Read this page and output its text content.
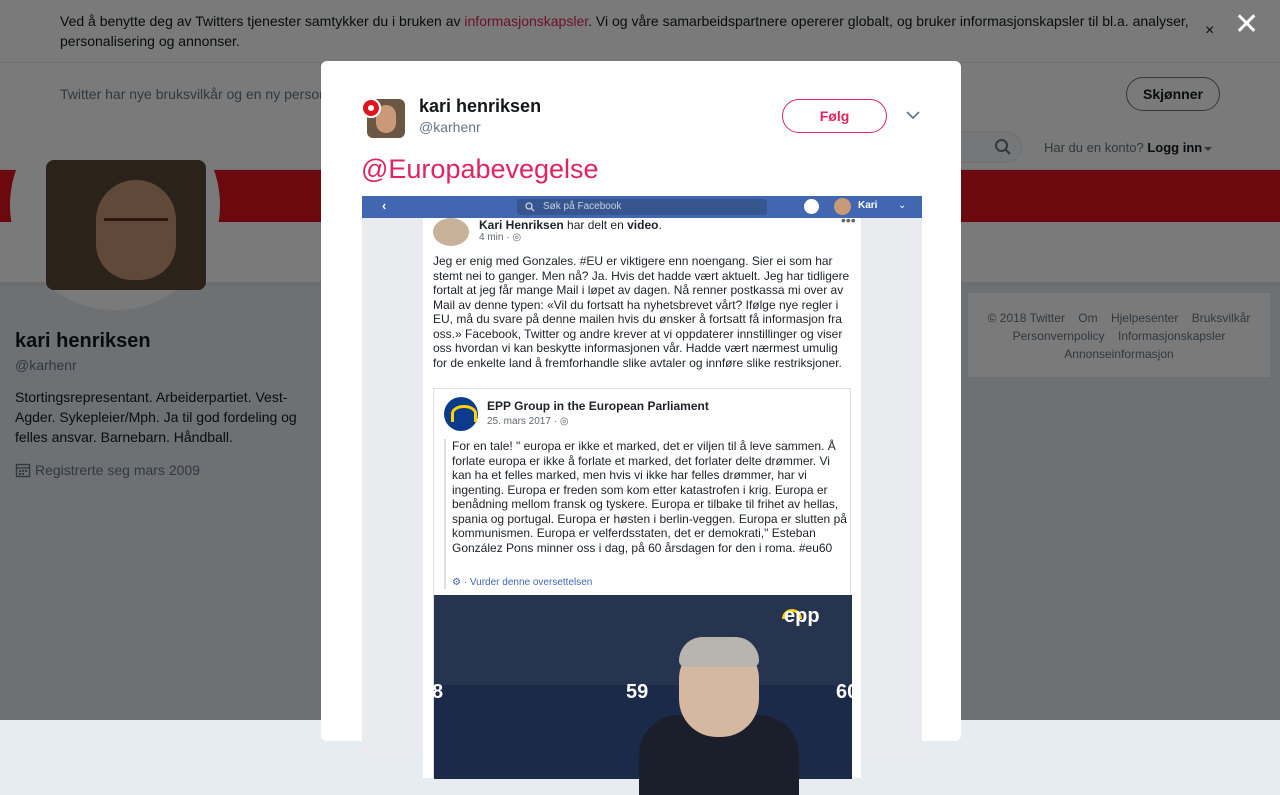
✕
kari henriksen
@karhenr
Følg
@Europabevegelse
‹	Søk på Facebook	Kari ⌄
Kari Henriksen har delt en video.
4 min · ◎
•••
Jeg er enig med Gonzales. #EU er viktigere enn noengang. Sier ei som har stemt nei to ganger. Men nå? Ja. Hvis det hadde vært aktuelt. Jeg har tidligere fortalt at jeg får mange Mail i løpet av dagen. Nå renner postkassa mi over av Mail av denne typen: «Vil du fortsatt ha nyhetsbrevet vårt? Ifølge nye regler i EU, må du svare på denne mailen hvis du ønsker å fortsatt få informasjon fra oss.» Facebook, Twitter og andre krever at vi oppdaterer innstillinger og viser oss hvordan vi kan beskytte informasjonen vår. Hadde vært nærmest umulig for de enkelte land å fremforhandle slike avtaler og innføre slike restriksjoner.
EPP Group in the European Parliament
25. mars 2017 · ◎
For en tale! " europa er ikke et marked, det er viljen til å leve sammen. Å forlate europa er ikke å forlate et marked, det forlater delte drømmer. Vi kan ha et felles marked, men hvis vi ikke har felles drømmer, har vi ingenting. Europa er freden som kom etter katastrofen i krig. Europa er benådning mellom fransk og tyskere. Europa er tilbake til frihet av hellas, spania og portugal. Europa er høsten i berlin-veggen. Europa er slutten på kommunismen. Europa er velferdsstaten, det er demokrati," Esteban González Pons minner oss i dag, på 60 årsdagen for den i roma. #eu60
⚙ · Vurder denne oversettelsen
8	59	60
epp
